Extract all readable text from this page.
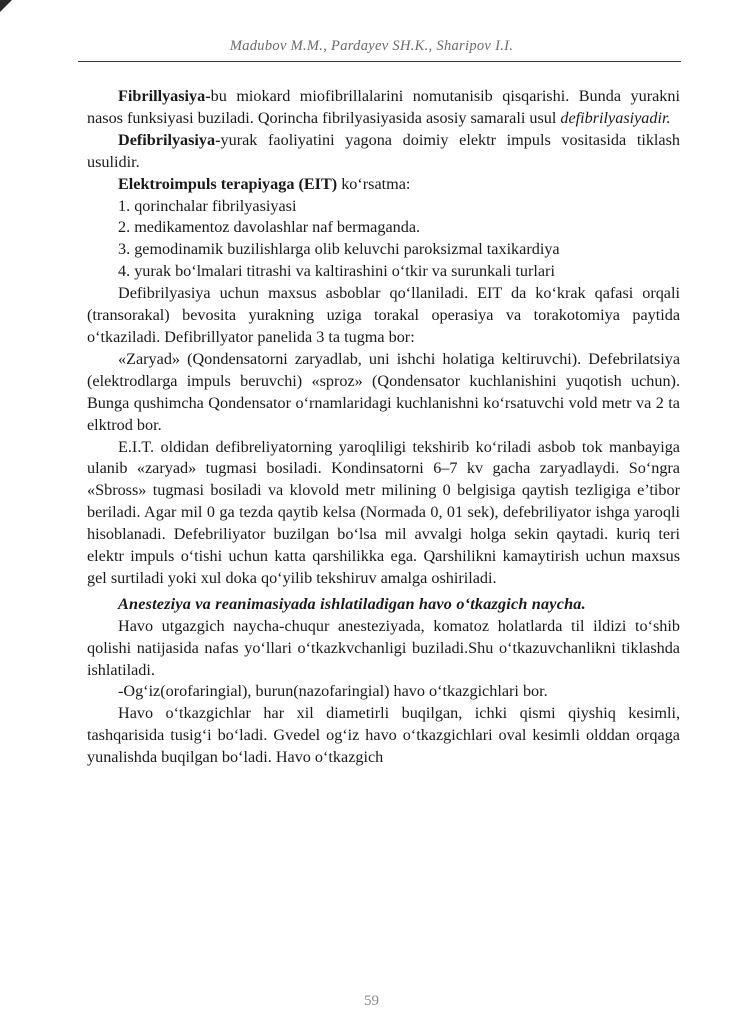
Madubov M.M., Pardayev SH.K., Sharipov I.I.

Fibrillyasiya-bu miokard miofibrillalarini nomutanisib qisqarishi. Bunda yurakni nasos funksiyasi buziladi. Qorincha fibrilyasiyasida asosiy samarali usul defibrilyasiyadir.

Defibrilyasiya-yurak faoliyatini yagona doimiy elektr impuls vositasida tiklash usulidir.

Elektroimpuls terapiyaga (EIT) ko‘rsatma:

1. qorinchalar fibrilyasiyasi

2. medikamentoz davolashlar naf bermaganda.

3. gemodinamik buzilishlarga olib keluvchi paroksizmal taxikardiya

4. yurak bo‘lmalari titrashi va kaltirashini o‘tkir va surunkali turlari

Defibrilyasiya uchun maxsus asboblar qo‘llaniladi. EIT da ko‘krak qafasi orqali (transorakal) bevosita yurakning uziga torakal operasiya va torakotomiya paytida o‘tkaziladi. Defibrillyator panelida 3 ta tugma bor:

«Zaryad» (Qondensatorni zaryadlab, uni ishchi holatiga keltiruvchi). Defebrilatsiya (elektrodlarga impuls beruvchi) «sproz» (Qondensator kuchlanishini yuqotish uchun). Bunga qushimcha Qondensator o‘rnamlaridagi kuchlanishni ko‘rsatuvchi vold metr va 2 ta elktrod bor.

E.I.T. oldidan defibreliyatorning yaroqliligi tekshirib ko‘riladi asbob tok manbayiga ulanib «zaryad» tugmasi bosiladi. Kondinsatorni 6–7 kv gacha zaryadlaydi. So‘ngra «Sbross» tugmasi bosiladi va klovold metr milining 0 belgisiga qaytish tezligiga e’tibor beriladi. Agar mil 0 ga tezda qaytib kelsa (Normada 0, 01 sek), defebriliyator ishga yaroqli hisoblanadi. Defebriliyator buzilgan bo‘lsa mil avvalgi holga sekin qaytadi. kuriq teri elektr impuls o‘tishi uchun katta qarshilikka ega. Qarshilikni kamaytirish uchun maxsus gel surtiladi yoki xul doka qo‘yilib tekshiruv amalga oshiriladi.

Anesteziya va reanimasiyada ishlatiladigan havo o‘tkazgich naycha.

Havo utgazgich naycha-chuqur anesteziyada, komatoz holatlarda til ildizi to‘shib qolishi natijasida nafas yo‘llari o‘tkazkvchanligi buziladi.Shu o‘tkazuvchanlikni tiklashda ishlatiladi.

-Og‘iz(orofaringial), burun(nazofaringial) havo o‘tkazgichlari bor.

Havo o‘tkazgichlar har xil diametirli buqilgan, ichki qismi qiyshiq kesimli, tashqarisida tusig‘i bo‘ladi. Gvedel og‘iz havo o‘tkazgichlari oval kesimli olddan orqaga yunalishda buqilgan bo‘ladi. Havo o‘tkazgich

59
